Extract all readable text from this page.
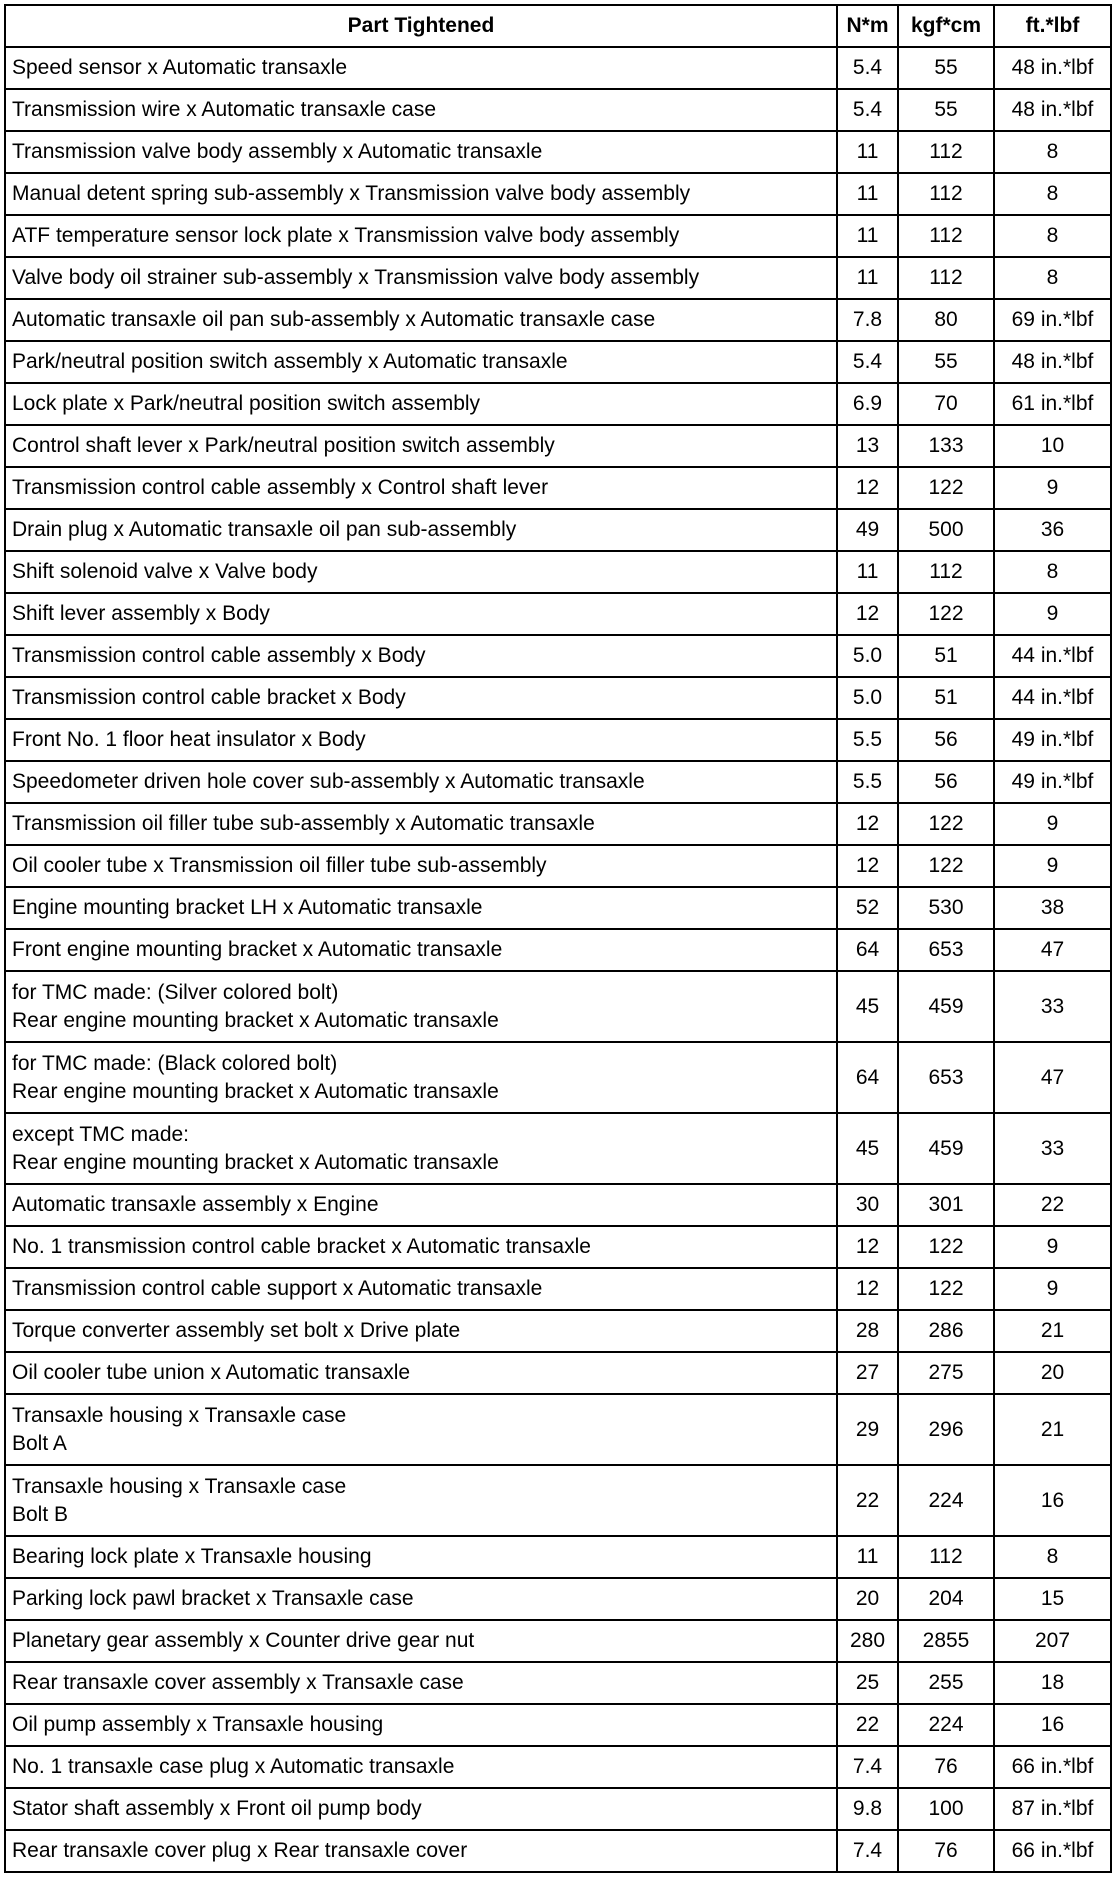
Part Tightened	N*m	kgf*cm	ft.*lbf

Speed sensor x Automatic transaxle	5.4	55	48 in.*lbf

Transmission wire x Automatic transaxle case	5.4	55	48 in.*lbf

Transmission valve body assembly x Automatic transaxle	11	112	8

Manual detent spring sub-assembly x Transmission valve body assembly	11	112	8

ATF temperature sensor lock plate x Transmission valve body assembly	11	112	8

Valve body oil strainer sub-assembly x Transmission valve body assembly	11	112	8

Automatic transaxle oil pan sub-assembly x Automatic transaxle case	7.8	80	69 in.*lbf

Park/neutral position switch assembly x Automatic transaxle	5.4	55	48 in.*lbf

Lock plate x Park/neutral position switch assembly	6.9	70	61 in.*lbf

Control shaft lever x Park/neutral position switch assembly	13	133	10

Transmission control cable assembly x Control shaft lever	12	122	9

Drain plug x Automatic transaxle oil pan sub-assembly	49	500	36

Shift solenoid valve x Valve body	11	112	8

Shift lever assembly x Body	12	122	9

Transmission control cable assembly x Body	5.0	51	44 in.*lbf

Transmission control cable bracket x Body	5.0	51	44 in.*lbf

Front No. 1 floor heat insulator x Body	5.5	56	49 in.*lbf

Speedometer driven hole cover sub-assembly x Automatic transaxle	5.5	56	49 in.*lbf

Transmission oil filler tube sub-assembly x Automatic transaxle	12	122	9

Oil cooler tube x Transmission oil filler tube sub-assembly	12	122	9

Engine mounting bracket LH x Automatic transaxle	52	530	38

Front engine mounting bracket x Automatic transaxle	64	653	47

for TMC made: (Silver colored bolt)
Rear engine mounting bracket x Automatic transaxle	45	459	33

for TMC made: (Black colored bolt)
Rear engine mounting bracket x Automatic transaxle	64	653	47

except TMC made:
Rear engine mounting bracket x Automatic transaxle	45	459	33

Automatic transaxle assembly x Engine	30	301	22

No. 1 transmission control cable bracket x Automatic transaxle	12	122	9

Transmission control cable support x Automatic transaxle	12	122	9

Torque converter assembly set bolt x Drive plate	28	286	21

Oil cooler tube union x Automatic transaxle	27	275	20

Transaxle housing x Transaxle case
Bolt A	29	296	21

Transaxle housing x Transaxle case
Bolt B	22	224	16

Bearing lock plate x Transaxle housing	11	112	8

Parking lock pawl bracket x Transaxle case	20	204	15

Planetary gear assembly x Counter drive gear nut	280	2855	207

Rear transaxle cover assembly x Transaxle case	25	255	18

Oil pump assembly x Transaxle housing	22	224	16

No. 1 transaxle case plug x Automatic transaxle	7.4	76	66 in.*lbf

Stator shaft assembly x Front oil pump body	9.8	100	87 in.*lbf

Rear transaxle cover plug x Rear transaxle cover	7.4	76	66 in.*lbf
